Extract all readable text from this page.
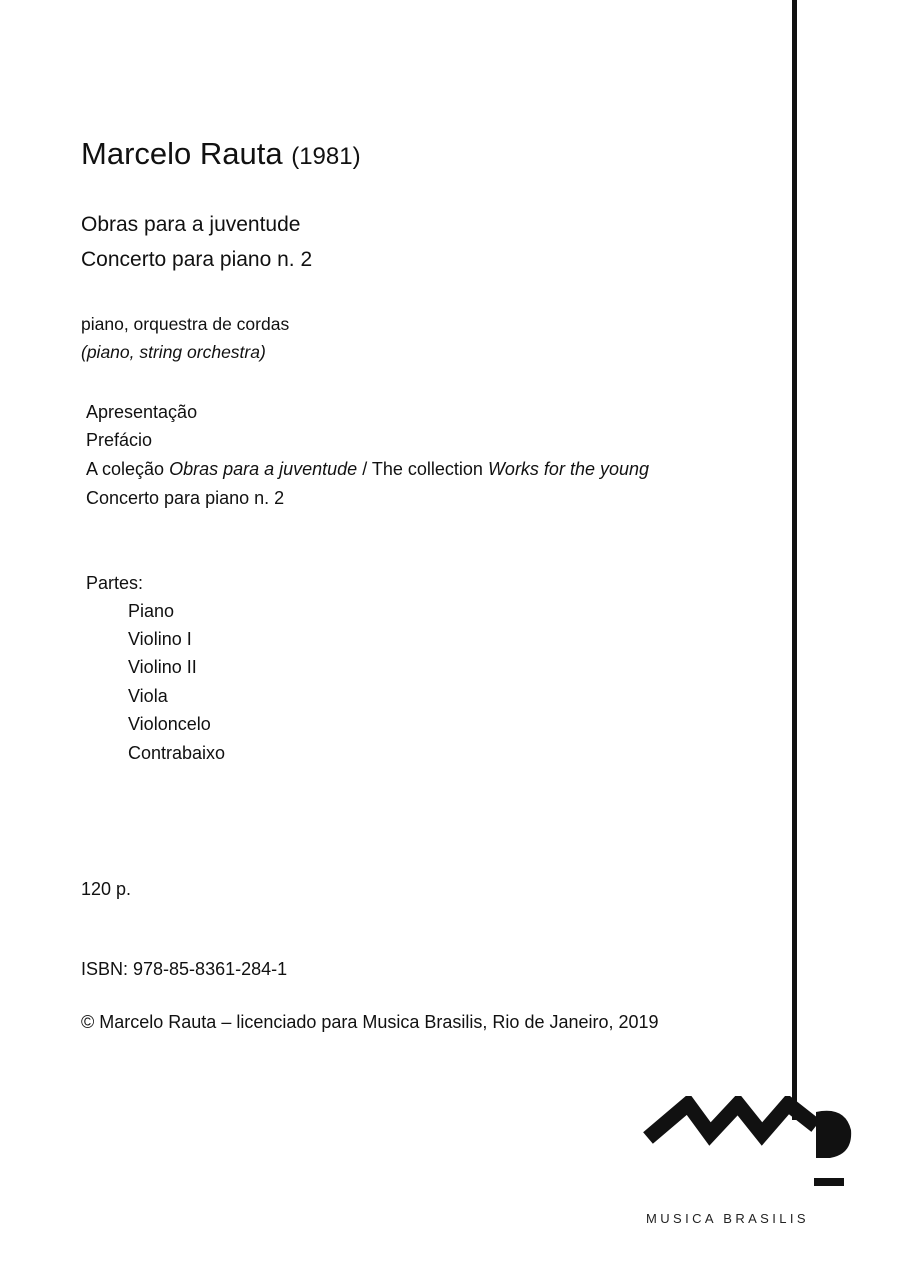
Marcelo Rauta (1981)
Obras para a juventude
Concerto para piano n. 2
piano, orquestra de cordas
(piano, string orchestra)
Apresentação
Prefácio
A coleção Obras para a juventude / The collection Works for the young
Concerto para piano n. 2
Partes:
Piano
Violino I
Violino II
Viola
Violoncelo
Contrabaixo
120 p.
ISBN: 978-85-8361-284-1
© Marcelo Rauta – licenciado para Musica Brasilis, Rio de Janeiro, 2019
MUSICA BRASILIS
